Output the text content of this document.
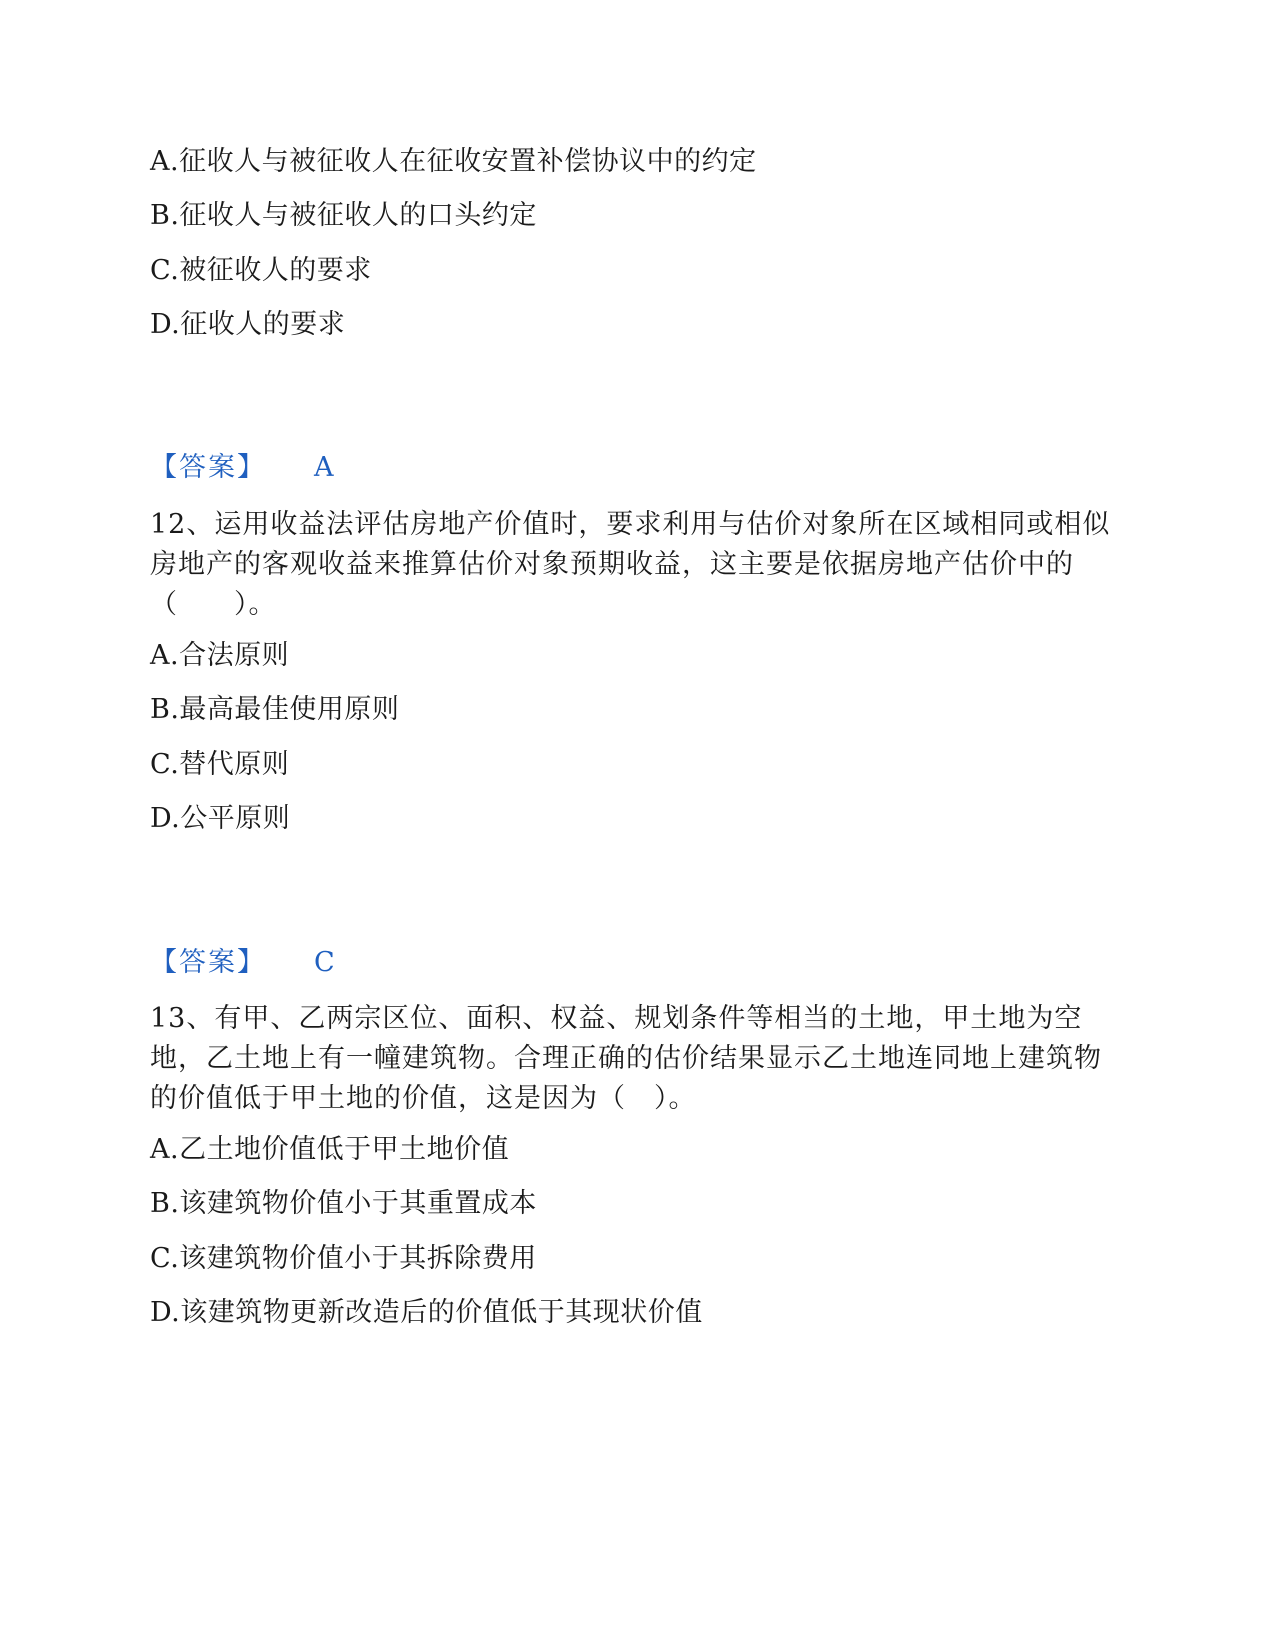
A.征收人与被征收人在征收安置补偿协议中的约定
B.征收人与被征收人的口头约定
C.被征收人的要求
D.征收人的要求
【答案】 A
12、运用收益法评估房地产价值时，要求利用与估价对象所在区域相同或相似房地产的客观收益来推算估价对象预期收益，这主要是依据房地产估价中的（　　）。
A.合法原则
B.最高最佳使用原则
C.替代原则
D.公平原则
【答案】 C
13、有甲、乙两宗区位、面积、权益、规划条件等相当的土地，甲土地为空地，乙土地上有一幢建筑物。合理正确的估价结果显示乙土地连同地上建筑物的价值低于甲土地的价值，这是因为（　）。
A.乙土地价值低于甲土地价值
B.该建筑物价值小于其重置成本
C.该建筑物价值小于其拆除费用
D.该建筑物更新改造后的价值低于其现状价值
